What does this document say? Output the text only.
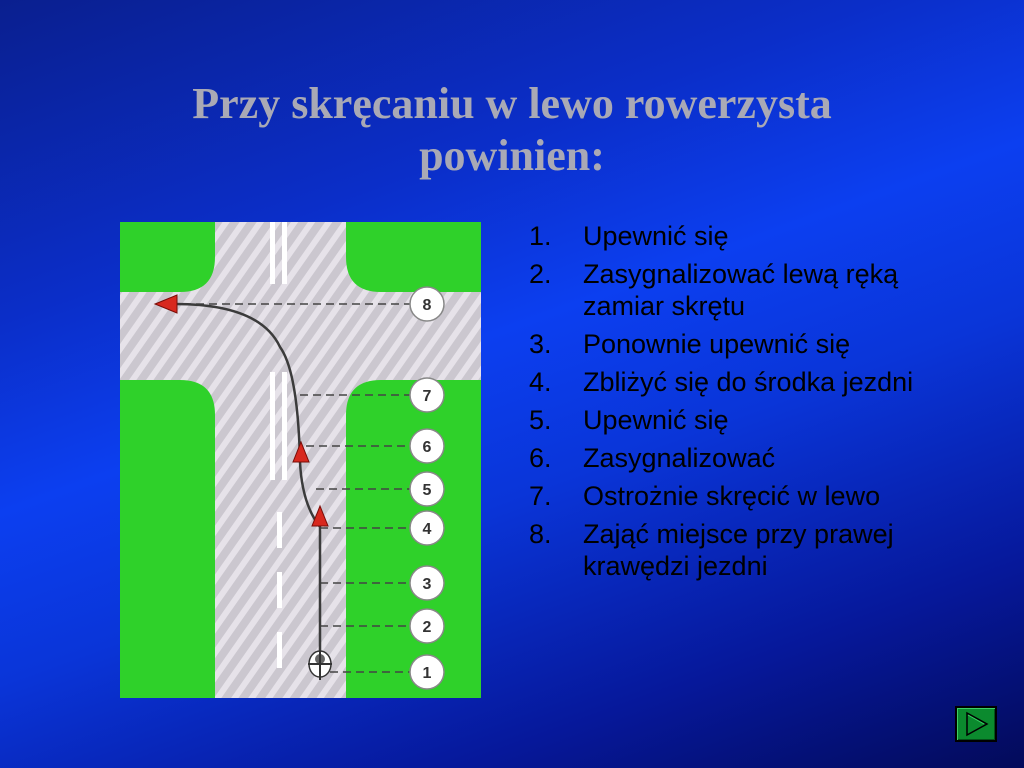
Przy skręcaniu w lewo rowerzysta
powinien:
8
7
6
5
4
3
2
1
1.	Upewnić się
2.	Zasygnalizować lewą ręką zamiar skrętu
3.	Ponownie upewnić się
4.	Zbliżyć się do środka jezdni
5.	Upewnić się
6.	Zasygnalizować
7.	Ostrożnie skręcić w lewo
8.	Zająć miejsce przy prawej krawędzi jezdni
